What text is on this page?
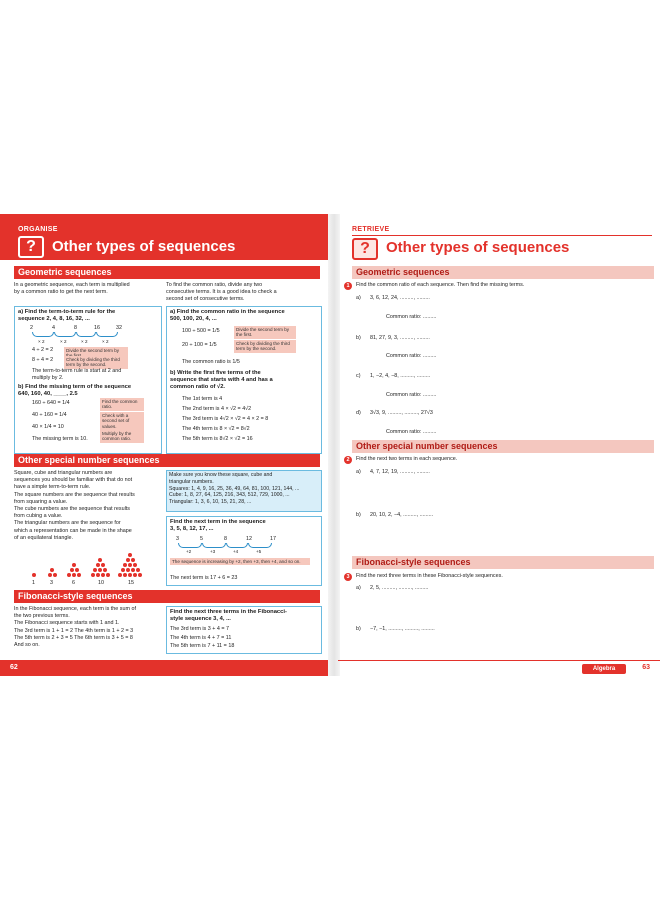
ORGANISE
?	Other types of sequences
Geometric sequences
In a geometric sequence, each term is multiplied
by a common ratio to get the next term.
To find the common ratio, divide any two
consecutive terms. It is a good idea to check a
second set of consecutive terms.
a) Find the term-to-term rule for the
sequence 2, 4, 8, 16, 32, ...
2	4	8	16	32
× 2	× 2	× 2	× 2
4 ÷ 2 = 2
8 ÷ 4 = 2
Divide the second term by
Check by dividing the third term by the second.
The term-to-term rule is start at 2 and
multiply by 2.
b) Find the missing term of the sequence
640, 160, 40, ____, 2.5
160 ÷ 640 = 1/4
40 ÷ 160 = 1/4
40 × 1/4 = 10
The missing term is 10.
Find the common ratio.
Check with a second set of values.
Multiply by the common ratio.
a) Find the common ratio in the sequence
500, 100, 20, 4, ...
100 ÷ 500 = 1/5
20 ÷ 100 = 1/5
The common ratio is 1/5
Divide the second term by the first.
Check by dividing the third term by the second.
b) Write the first five terms of the
sequence that starts with 4 and has a
common ratio of √2.
The 1st term is 4
The 2nd term is 4 × √2 = 4√2
The 3rd term is 4√2 × √2 = 4 × 2 = 8
The 4th term is 8 × √2 = 8√2
The 5th term is 8√2 × √2 = 16
Other special number sequences
Square, cube and triangular numbers are
sequences you should be familiar with that do not
have a simple term-to-term rule.
The square numbers are the sequence that results
from squaring a value.
The cube numbers are the sequence that results
from cubing a value.
The triangular numbers are the sequence for
which a representation can be made in the shape
of an equilateral triangle.
1	3	6	10	15
Make sure you know these square, cube and
triangular numbers.
Squares: 1, 4, 9, 16, 25, 36, 49, 64, 81, 100, 121, 144, ...
Cube: 1, 8, 27, 64, 125, 216, 343, 512, 729, 1000, ...
Triangular: 1, 3, 6, 10, 15, 21, 28, ...
Find the next term in the sequence
3, 5, 8, 12, 17, ...
3	5	8	12	17
+2	+3	+4	+5
The sequence is increasing by +2, then +3, then +4, and so on.
The next term is 17 + 6 = 23
Fibonacci-style sequences
In the Fibonacci sequence, each term is the sum of
the two previous terms.
The Fibonacci sequence starts with 1 and 1.
The 3rd term is 1 + 1 = 2 The 4th term is 1 + 2 = 3
The 5th term is 2 + 3 = 5 The 6th term is 3 + 5 = 8
And so on.
Find the next three terms in the Fibonacci-
style sequence 3, 4, ...
The 3rd term is 3 + 4 = 7
The 4th term is 4 + 7 = 11
The 5th term is 7 + 11 = 18
62
RETRIEVE
?	Other types of sequences
Geometric sequences
1	Find the common ratio of each sequence. Then find the missing terms.
a) 3, 6, 12, 24, ........., .........
Common ratio: .........
b) 81, 27, 9, 3, ........., .........
Common ratio: .........
c) 1, −2, 4, −8, ........., .........
Common ratio: .........
d) 3√3, 9, ........., ........., 27√3
Common ratio: .........
Other special number sequences
2	Find the next two terms in each sequence.
a) 4, 7, 12, 19, ........., .........
b) 20, 10, 2, −4, ........., .........
Fibonacci-style sequences
3	Find the next three terms in these Fibonacci-style sequences.
a) 2, 5, ........., ........., .........
b) −7, −1, ........., ........., .........
Algebra	63
